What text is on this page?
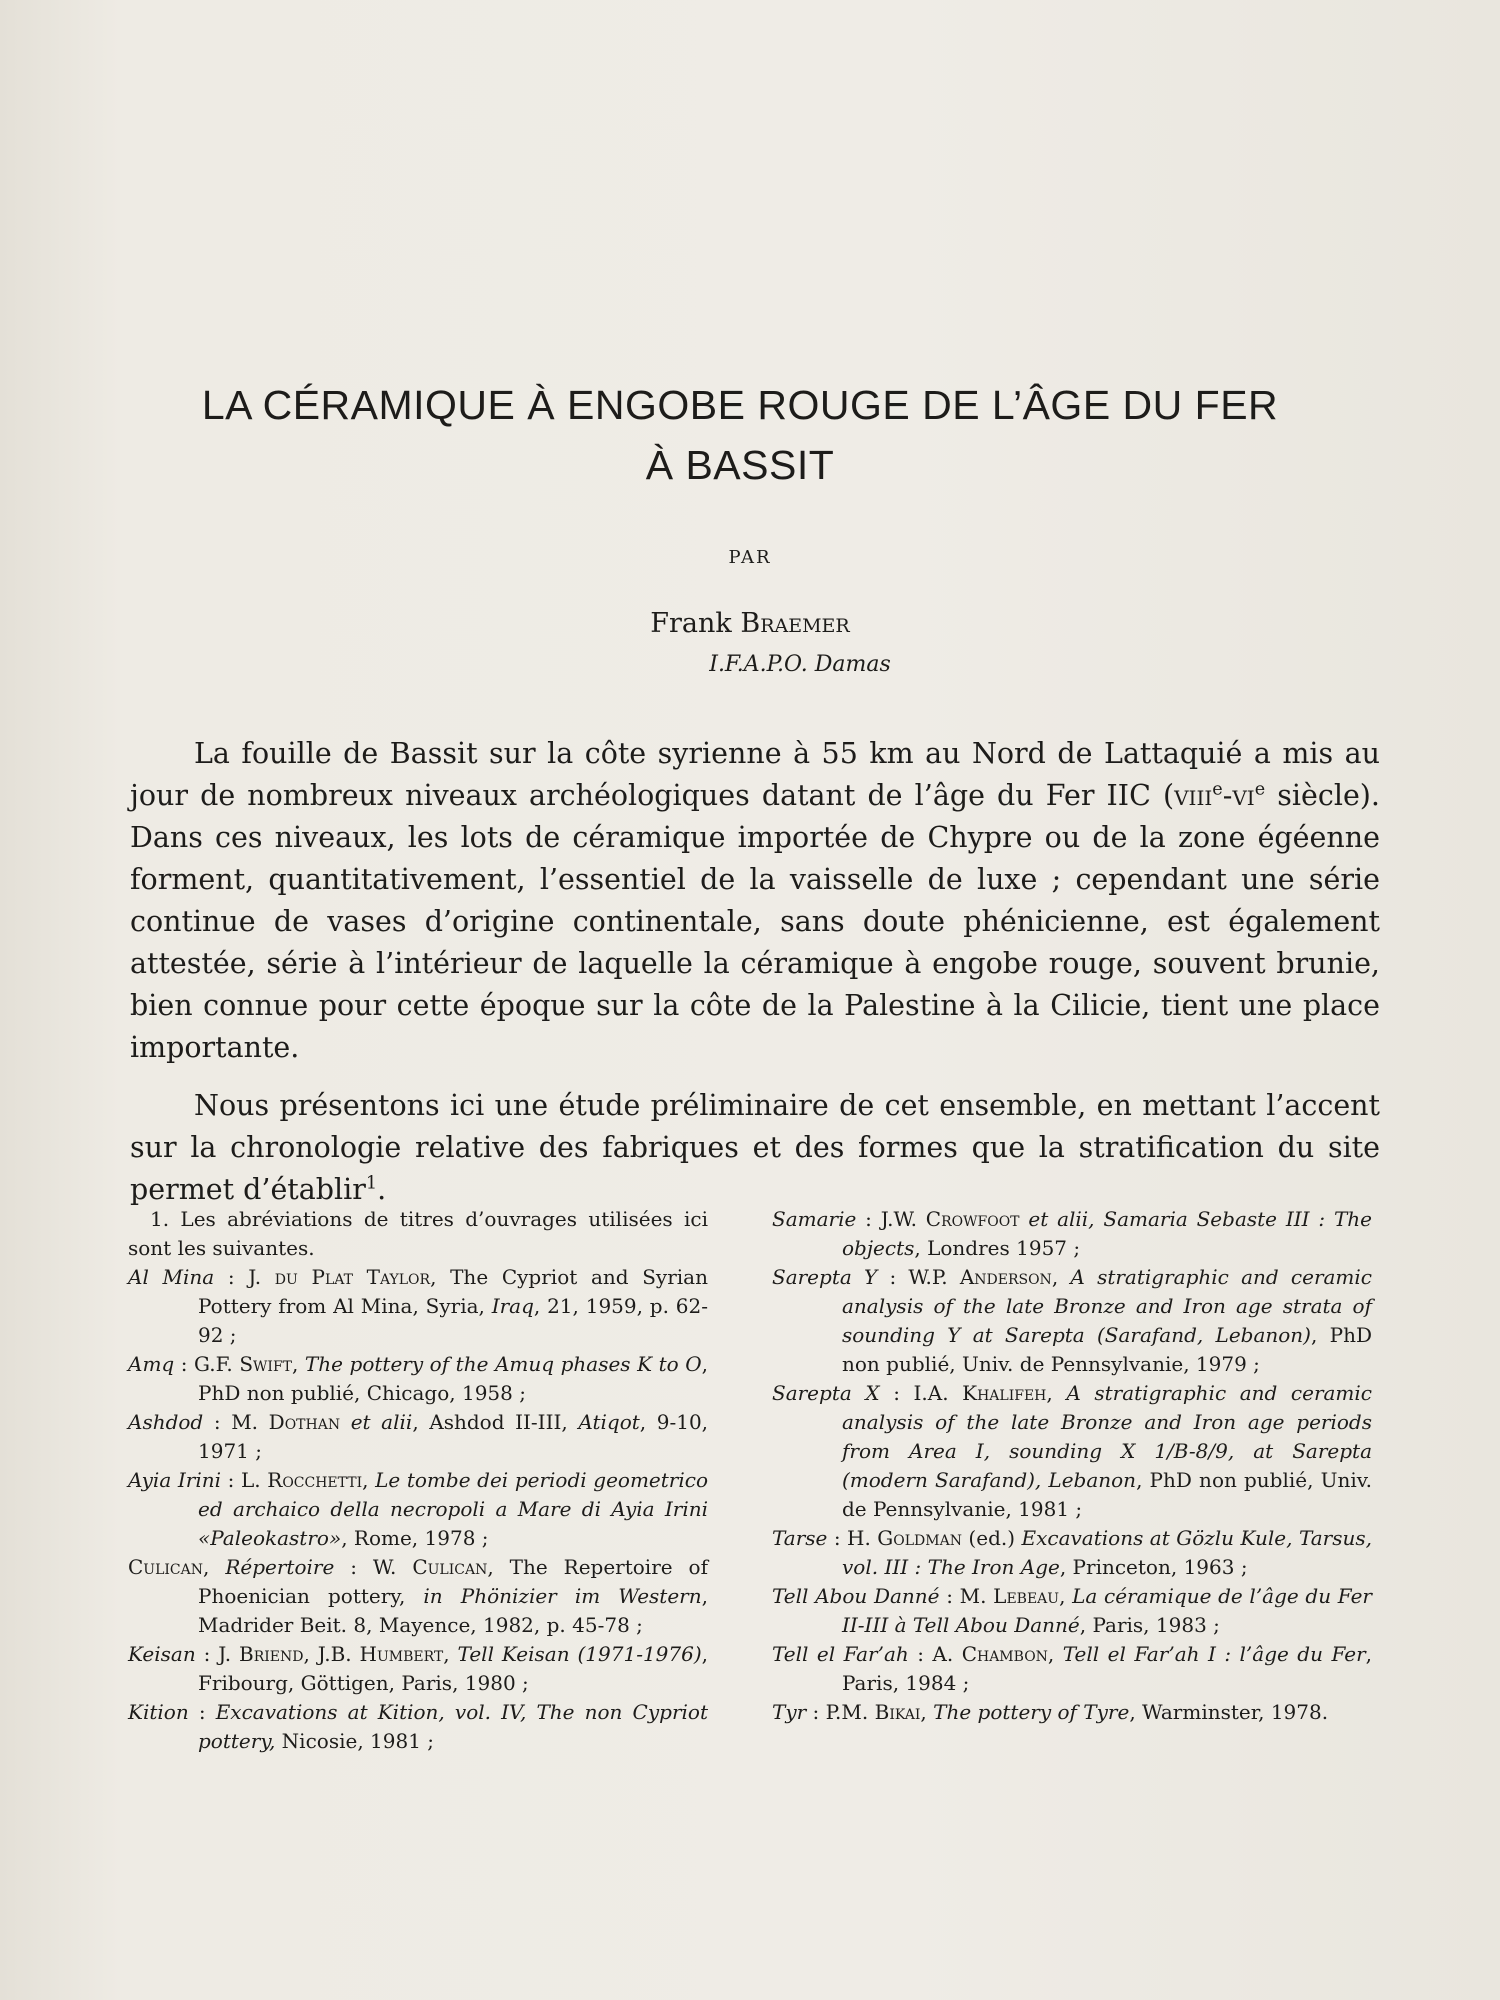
LA CÉRAMIQUE À ENGOBE ROUGE DE L’ÂGE DU FER
À BASSIT
PAR
Frank Braemer
I.F.A.P.O. Damas

La fouille de Bassit sur la côte syrienne à 55 km au Nord de Lattaquié a mis au jour de nombreux niveaux archéologiques datant de l’âge du Fer IIC ($viii^e-vi^e$ siècle). Dans ces niveaux, les lots de céramique importée de Chypre ou de la zone égéenne forment, quantitativement, l’essentiel de la vaisselle de luxe ; cependant une série continue de vases d’origine continentale, sans doute phénicienne, est également attestée, série à l’intérieur de laquelle la céramique à engobe rouge, souvent brunie, bien connue pour cette époque sur la côte de la Palestine à la Cilicie, tient une place importante.

Nous présentons ici une étude préliminaire de cet ensemble, en mettant l’accent sur la chronologie relative des fabriques et des formes que la stratification du site permet d’établir$^1$.

1. Les abréviations de titres d’ouvrages utilisées ici sont les suivantes.

Al Mina : J. du Plat Taylor, The Cypriot and Syrian Pottery from Al Mina, Syria, Iraq, 21, 1959, p. 62-92 ;

Amq : G.F. Swift, The pottery of the Amuq phases K to O, PhD non publié, Chicago, 1958 ;

Ashdod : M. Dothan et alii, Ashdod II-III, Atiqot, 9-10, 1971 ;

Ayia Irini : L. Rocchetti, Le tombe dei periodi geometrico ed archaico della necropoli a Mare di Ayia Irini «Paleokastro», Rome, 1978 ;

Culican, Répertoire : W. Culican, The Repertoire of Phoenician pottery, in Phönizier im Western, Madrider Beit. 8, Mayence, 1982, p. 45-78 ;

Keisan : J. Briend, J.B. Humbert, Tell Keisan (1971-1976), Fribourg, Göttigen, Paris, 1980 ;

Kition : Excavations at Kition, vol. IV, The non Cypriot pottery, Nicosie, 1981 ;

Samarie : J.W. Crowfoot et alii, Samaria Sebaste III : The objects, Londres 1957 ;

Sarepta Y : W.P. Anderson, A stratigraphic and ceramic analysis of the late Bronze and Iron age strata of sounding Y at Sarepta (Sarafand, Lebanon), PhD non publié, Univ. de Pennsylvanie, 1979 ;

Sarepta X : I.A. Khalifeh, A stratigraphic and ceramic analysis of the late Bronze and Iron age periods from Area I, sounding X 1/B-8/9, at Sarepta (modern Sarafand), Lebanon, PhD non publié, Univ. de Pennsylvanie, 1981 ;

Tarse : H. Goldman (ed.) Excavations at Gözlu Kule, Tarsus, vol. III : The Iron Age, Princeton, 1963 ;

Tell Abou Danné : M. Lebeau, La céramique de l’âge du Fer II-III à Tell Abou Danné, Paris, 1983 ;

Tell el Far’ah : A. Chambon, Tell el Far’ah I : l’âge du Fer, Paris, 1984 ;

Tyr : P.M. Bikai, The pottery of Tyre, Warminster, 1978.
